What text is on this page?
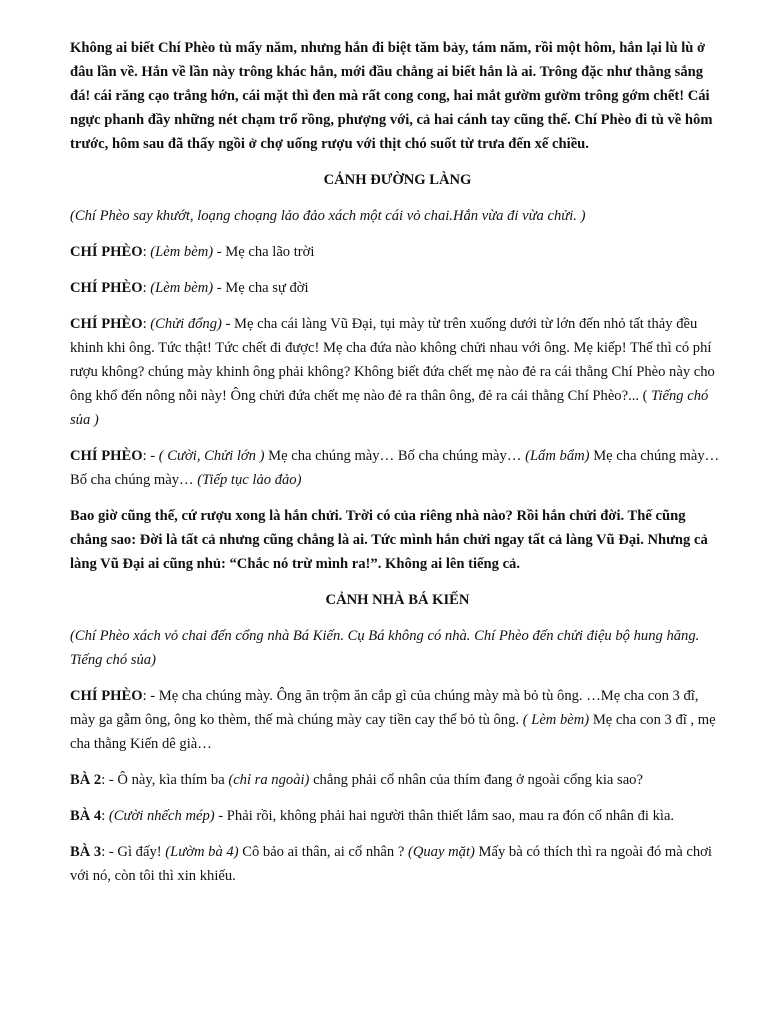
Không ai biết Chí Phèo tù mấy năm, nhưng hắn đi biệt tăm bảy, tám năm, rồi một hôm, hắn lại lù lù ở đâu lần về. Hắn về lần này trông khác hẳn, mới đầu chẳng ai biết hắn là ai. Trông đặc như thằng sắng đá! cái răng cạo trắng hớn, cái mặt thì đen mà rất cong cong, hai mắt gườm gườm trông gớm chết! Cái ngực phanh đầy những nét chạm trổ rồng, phượng với, cả hai cánh tay cũng thế. Chí Phèo đi tù về hôm trước, hôm sau đã thấy ngồi ở chợ uống rượu với thịt chó suốt từ trưa đến xế chiều.

CẢNH ĐƯỜNG LÀNG

(Chí Phèo say khướt, loạng choạng lảo đảo xách một cái vỏ chai.Hắn vừa đi vừa chửi. )

CHÍ PHÈO: (Lèm bèm) - Mẹ cha lão trời

CHÍ PHÈO: (Lèm bèm) - Mẹ cha sự đời

CHÍ PHÈO: (Chửi đổng) - Mẹ cha cái làng Vũ Đại, tụi mày từ trên xuống dưới từ lớn đến nhỏ tất thảy đều khinh khi ông. Tức thật! Tức chết đi được! Mẹ cha đứa nào không chửi nhau với ông. Mẹ kiếp! Thế thì có phí rượu không? chúng mày khinh ông phải không? Không biết đứa chết mẹ nào đẻ ra cái thằng Chí Phèo này cho ông khổ đến nông nỗi này! Ông chửi đứa chết mẹ nào đẻ ra thân ông, đẻ ra cái thằng Chí Phèo?... ( Tiếng chó sủa )

CHÍ PHÈO: - ( Cười, Chửi lớn ) Mẹ cha chúng mày… Bố cha chúng mày… (Lẩm bẩm) Mẹ cha chúng mày… Bố cha chúng mày… (Tiếp tục lảo đảo)

Bao giờ cũng thế, cứ rượu xong là hắn chửi. Trời có của riêng nhà nào? Rồi hắn chửi đời. Thế cũng chẳng sao: Đời là tất cả nhưng cũng chẳng là ai. Tức mình hắn chửi ngay tất cả làng Vũ Đại. Nhưng cả làng Vũ Đại ai cũng nhủ: “Chắc nó trừ mình ra!”. Không ai lên tiếng cả.

CẢNH NHÀ BÁ KIẾN

(Chí Phèo xách vỏ chai đến cổng nhà Bá Kiến. Cụ Bá không có nhà. Chí Phèo đến chửi điệu bộ hung hăng. Tiếng chó sủa)

CHÍ PHÈO: - Mẹ cha chúng mày. Ông ăn trộm ăn cắp gì của chúng mày mà bỏ tù ông. …Mẹ cha con 3 đĩ, mày ga gẫm ông, ông ko thèm, thế mà chúng mày cay tiền cay thể bỏ tù ông. ( Lèm bèm) Mẹ cha con 3 đĩ , mẹ cha thằng Kiến dê già…

BÀ 2: - Ô này, kìa thím ba (chỉ ra ngoài) chẳng phải cố nhân của thím đang ở ngoài cổng kia sao?

BÀ 4: (Cười nhếch mép) - Phải rồi, không phải hai người thân thiết lắm sao, mau ra đón cố nhân đi kìa.

BÀ 3: - Gì đấy! (Lườm bà 4) Cô bảo ai thân, ai cố nhân ? (Quay mặt) Mấy bà có thích thì ra ngoài đó mà chơi với nó, còn tôi thì xin khiếu.
